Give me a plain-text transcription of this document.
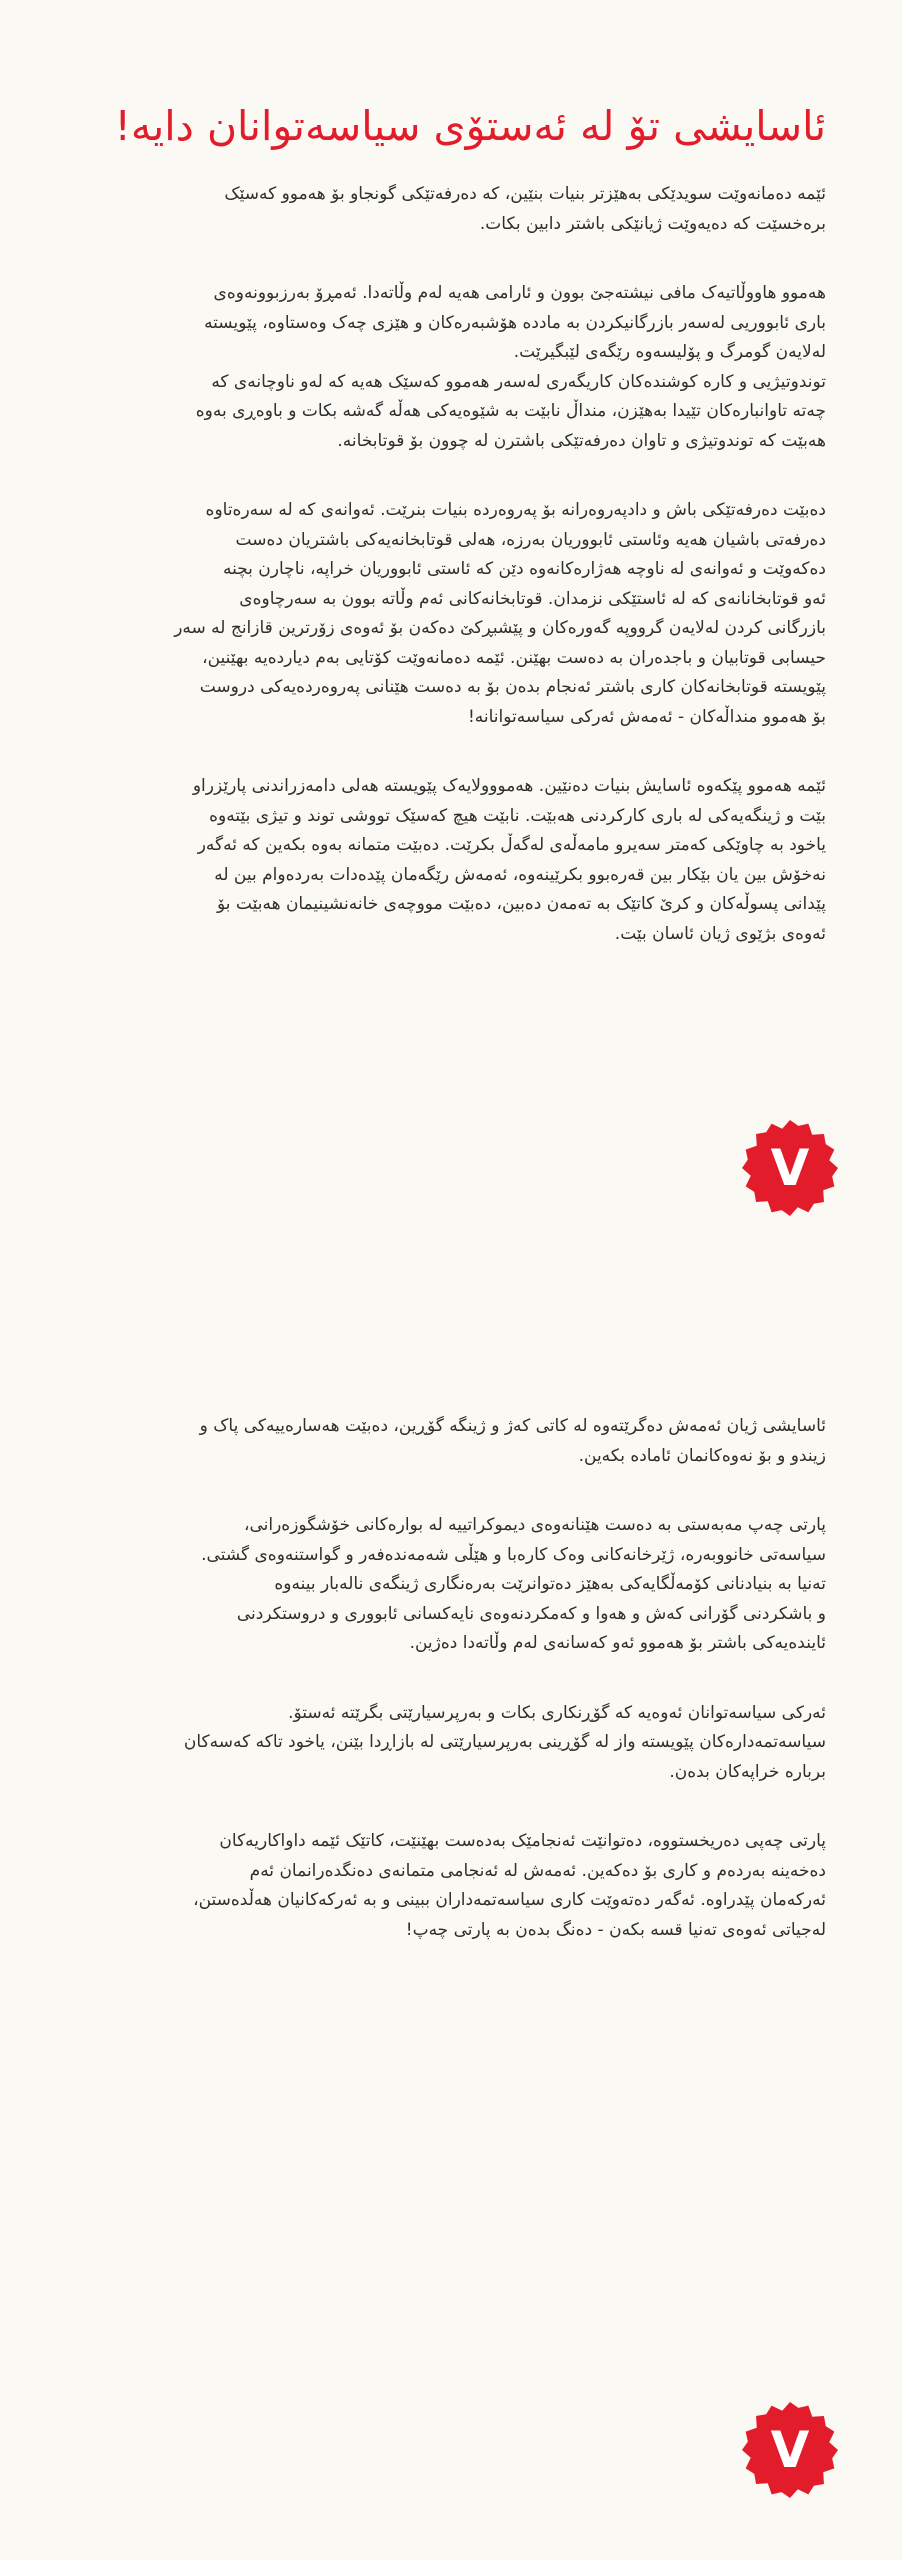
ئاسایشی تۆ لە ئەستۆی سیاسەتوانان دایە!

ئێمە دەمانەوێت سویدێکی بەهێزتر بنیات بنێین، کە دەرفەتێکی گونجاو بۆ هەموو کەسێک
برەخسێت کە دەیەوێت ژیانێکی باشتر دابین بکات.

هەموو هاووڵاتیەک مافی نیشتەجێ بوون و ئارامی هەیە لەم وڵاتەدا. ئەمڕۆ بەرزبوونەوەی
باری ئابووریی لەسەر بازرگانیکردن بە مادده هۆشبەرەکان و هێزی چەک وەستاوە، پێویستە
لەلایەن گومرگ و پۆلیسەوە رێگەی لێبگیرێت.
توندوتیژیی و کارە کوشندەکان کاریگەری لەسەر هەموو کەسێک هەیە کە لەو ناوچانەی کە
چەتە تاوانبارەکان تێیدا بەهێزن، منداڵ نابێت بە شێوەیەکی هەڵە گەشە بکات و باوەڕی بەوە
هەبێت کە توندوتیژی و تاوان دەرفەتێکی باشترن لە چوون بۆ قوتابخانە.

دەبێت دەرفەتێکی باش و دادپەروەرانە بۆ پەروەردە بنیات بنرێت. ئەوانەی کە لە سەرەتاوە
دەرفەتی باشیان هەیە وئاستی ئابووریان بەرزە، هەلی قوتابخانەیەکی باشتریان دەست
دەکەوێت و ئەوانەی لە ناوچە هەژارەکانەوە دێن کە ئاستی ئابووریان خراپە، ناچارن بچنە
ئەو قوتابخانانەی کە لە ئاستێکی نزمدان. قوتابخانەکانی ئەم وڵاتە بوون بە سەرچاوەی
بازرگانی کردن لەلایەن گرووپە گەورەکان و پێشبڕکێ دەکەن بۆ ئەوەی زۆرترین قازانج لە سەر
حیسابی قوتابیان و باجدەران بە دەست بهێنن. ئێمە دەمانەوێت کۆتایی بەم دیاردەیە بهێنین،
پێویستە قوتابخانەکان کاری باشتر ئەنجام بدەن بۆ بە دەست هێنانی پەروەردەیەکی دروست
بۆ هەموو منداڵەکان - ئەمەش ئەرکی سیاسەتوانانە!

ئێمە هەموو پێکەوە ئاسایش بنیات دەنێین. هەمووولایەک پێویستە هەلی دامەزراندنی پارێزراو
بێت و ژینگەیەکی لە باری کارکردنی هەبێت. نابێت هیچ کەسێک تووشی توند و تیژی بێتەوە
یاخود بە چاوێکی کەمتر سەیرو مامەڵەی لەگەڵ بکرێت. دەبێت متمانە بەوە بکەین کە ئەگەر
نەخۆش بین یان بێکار بین قەرەبوو بکرێینەوە، ئەمەش رێگەمان پێدەدات بەردەوام بین لە
پێدانی پسوڵەکان و کرێ کاتێک بە تەمەن دەبین، دەبێت مووچەی خانەنشینیمان هەبێت بۆ
ئەوەی بژێوی ژیان ئاسان بێت.

V

ئاسایشی ژیان ئەمەش دەگرێتەوە لە کاتی کەژ و ژینگە گۆڕین، دەبێت هەسارەییەکی پاک و
زیندو و بۆ نەوەکانمان ئامادە بکەین.

پارتی چەپ مەبەستی بە دەست هێنانەوەی دیموکراتییە لە بوارەکانی خۆشگوزەرانی،
سیاسەتی خانووبەرە، ژێرخانەکانی وەک کارەبا و هێڵی شەمەندەفەر و گواستنەوەی گشتی.
تەنیا بە بنیادنانی کۆمەڵگایەکی بەهێز دەتوانرێت بەرەنگاری ژینگەی نالەبار بینەوە
و باشکردنی گۆرانی کەش و هەوا و کەمکردنەوەی نایەکسانی ئابووری و دروستکردنی
ئایندەیەکی باشتر بۆ هەموو ئەو کەسانەی لەم وڵاتەدا دەژین.

ئەرکی سیاسەتوانان ئەوەیە کە گۆڕنکاری بکات و بەرپرسیارێتی بگرێتە ئەستۆ.
سیاسەتمەدارەکان پێویستە واز لە گۆڕینی بەرپرسیارێتی لە بازاڕدا بێنن، یاخود تاکە کەسەکان
برباره خراپەکان بدەن.

پارتی چەپی دەریخستووە، دەتوانێت ئەنجامێک بەدەست بهێنێت، کاتێک ئێمە داواکاریەکان
دەخەینە بەردەم و کاری بۆ دەکەین. ئەمەش لە ئەنجامی متمانەی دەنگدەرانمان ئەم
ئەرکەمان پێدراوە. ئەگەر دەتەوێت کاری سیاسەتمەداران ببینی و بە ئەرکەکانیان هەڵدەستن،
لەجیاتی ئەوەی تەنیا قسە بکەن - دەنگ بدەن بە پارتی چەپ!

V
